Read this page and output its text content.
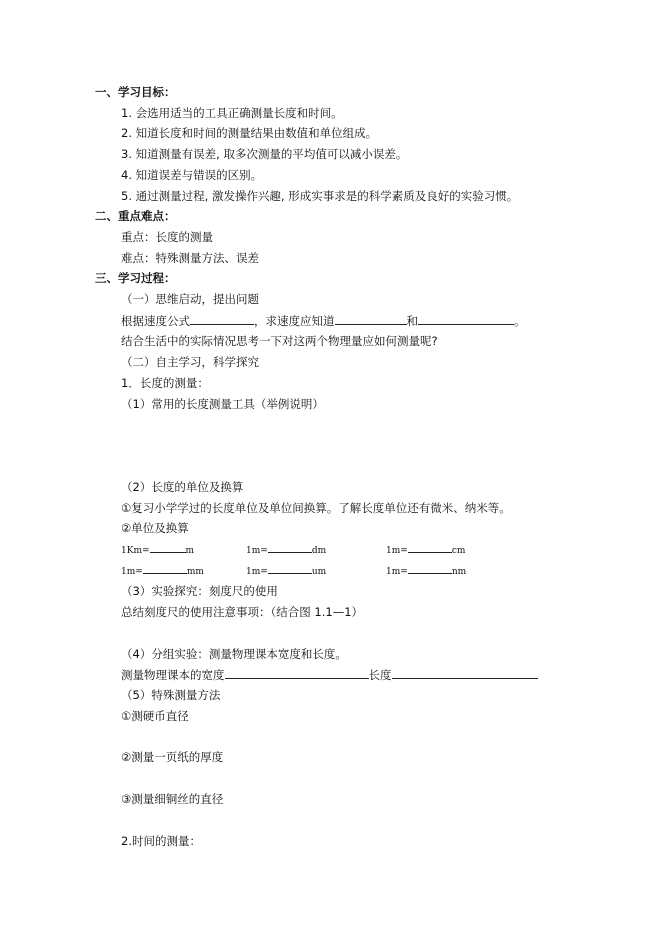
一、学习目标：
1. 会选用适当的工具正确测量长度和时间。
2. 知道长度和时间的测量结果由数值和单位组成。
3. 知道测量有误差, 取多次测量的平均值可以减小误差。
4. 知道误差与错误的区别。
5. 通过测量过程, 激发操作兴趣, 形成实事求是的科学素质及良好的实验习惯。
二、重点难点：
重点：长度的测量
难点：特殊测量方法、误差
三、学习过程：
（一）思维启动，提出问题
根据速度公式	，求速度应知道	和	。
结合生活中的实际情况思考一下对这两个物理量应如何测量呢?
（二）自主学习，科学探究
1．长度的测量：
（1）常用的长度测量工具（举例说明）
（2）长度的单位及换算
①复习小学学过的长度单位及单位间换算。了解长度单位还有微米、纳米等。
②单位及换算
1Km=	m	1m=	dm	1m=	cm
1m=	mm	1m=	um	1m=	nm
（3）实验探究：刻度尺的使用
总结刻度尺的使用注意事项：（结合图 1.1—1）
（4）分组实验：测量物理课本宽度和长度。
测量物理课本的宽度	长度
（5）特殊测量方法
①测硬币直径
②测量一页纸的厚度
③测量细铜丝的直径
2.时间的测量：
